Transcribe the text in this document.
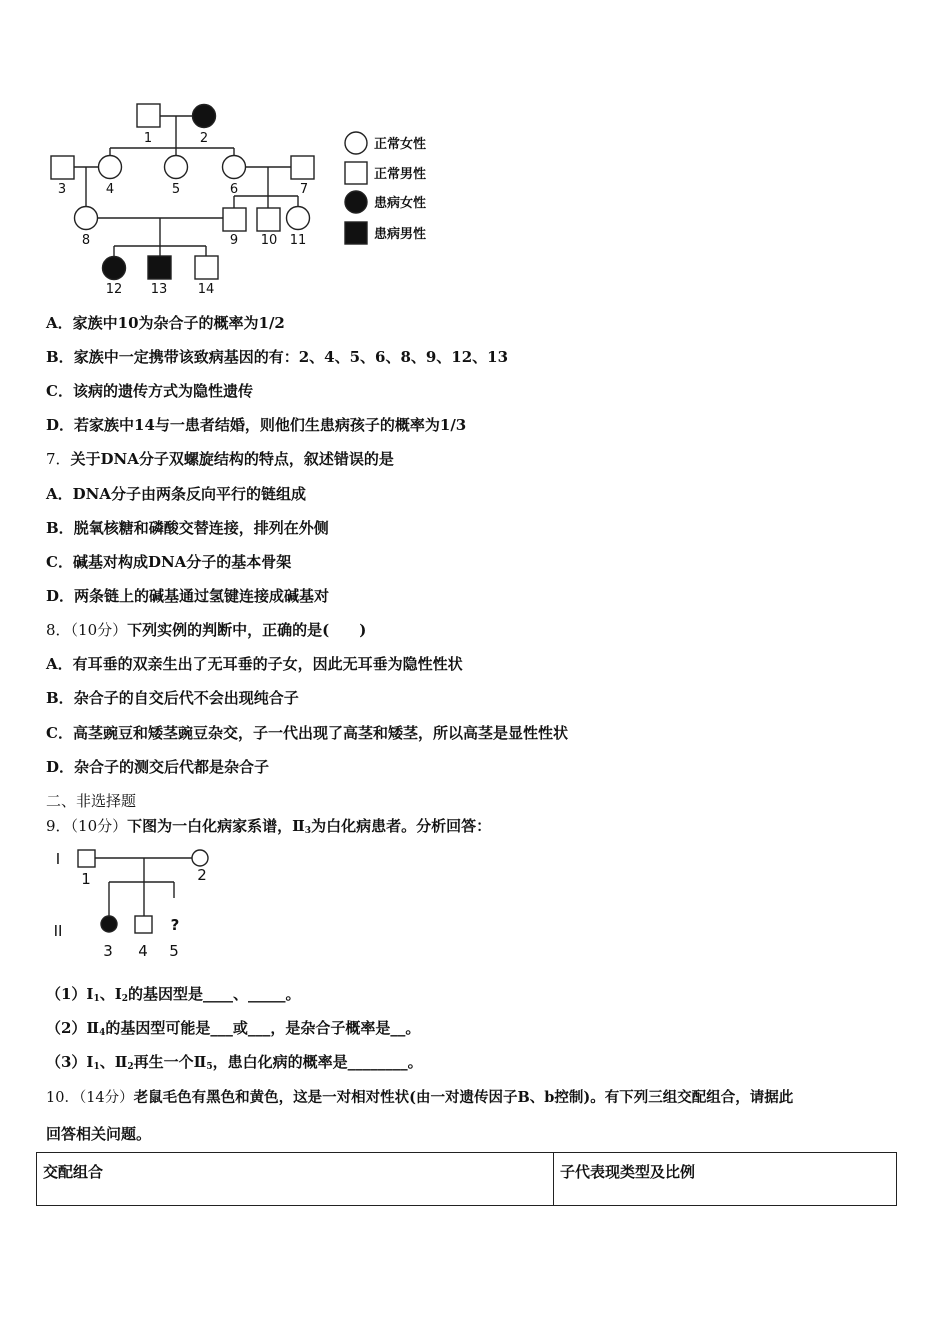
1	2
3	4	5	6	7
8	9 10 11
12 13 14
正常女性
正常男性
患病女性
患病男性
A．家族中10为杂合子的概率为1/2
B．家族中一定携带该致病基因的有：2、4、5、6、8、9、12、13
C．该病的遗传方式为隐性遗传
D．若家族中14与一患者结婚，则他们生患病孩子的概率为1/3
7．关于DNA分子双螺旋结构的特点，叙述错误的是
A．DNA分子由两条反向平行的链组成
B．脱氧核糖和磷酸交替连接，排列在外侧
C．碱基对构成DNA分子的基本骨架
D．两条链上的碱基通过氢键连接成碱基对
8．（10分）下列实例的判断中，正确的是(　　)
A．有耳垂的双亲生出了无耳垂的子女，因此无耳垂为隐性性状
B．杂合子的自交后代不会出现纯合子
C．高茎豌豆和矮茎豌豆杂交，子一代出现了高茎和矮茎，所以高茎是显性性状
D．杂合子的测交后代都是杂合子
二、非选择题
9．（10分）下图为一白化病家系谱，$Ⅱ_3$为白化病患者。分析回答：
I
II
1	2
3 4 5
?
$(1)Ⅰ_1$、$Ⅰ_2$的基因型是____、_____。
$(2)Ⅱ_4$的基因型可能是___或___，是杂合子概率是__。
$(3)Ⅰ_1$、$Ⅱ_2$再生一个$Ⅱ_5$，患白化病的概率是________。
10．（14分）老鼠毛色有黑色和黄色，这是一对相对性状(由一对遗传因子B、b控制)。有下列三组交配组合，请据此
回答相关问题。
交配组合	子代表现类型及比例
